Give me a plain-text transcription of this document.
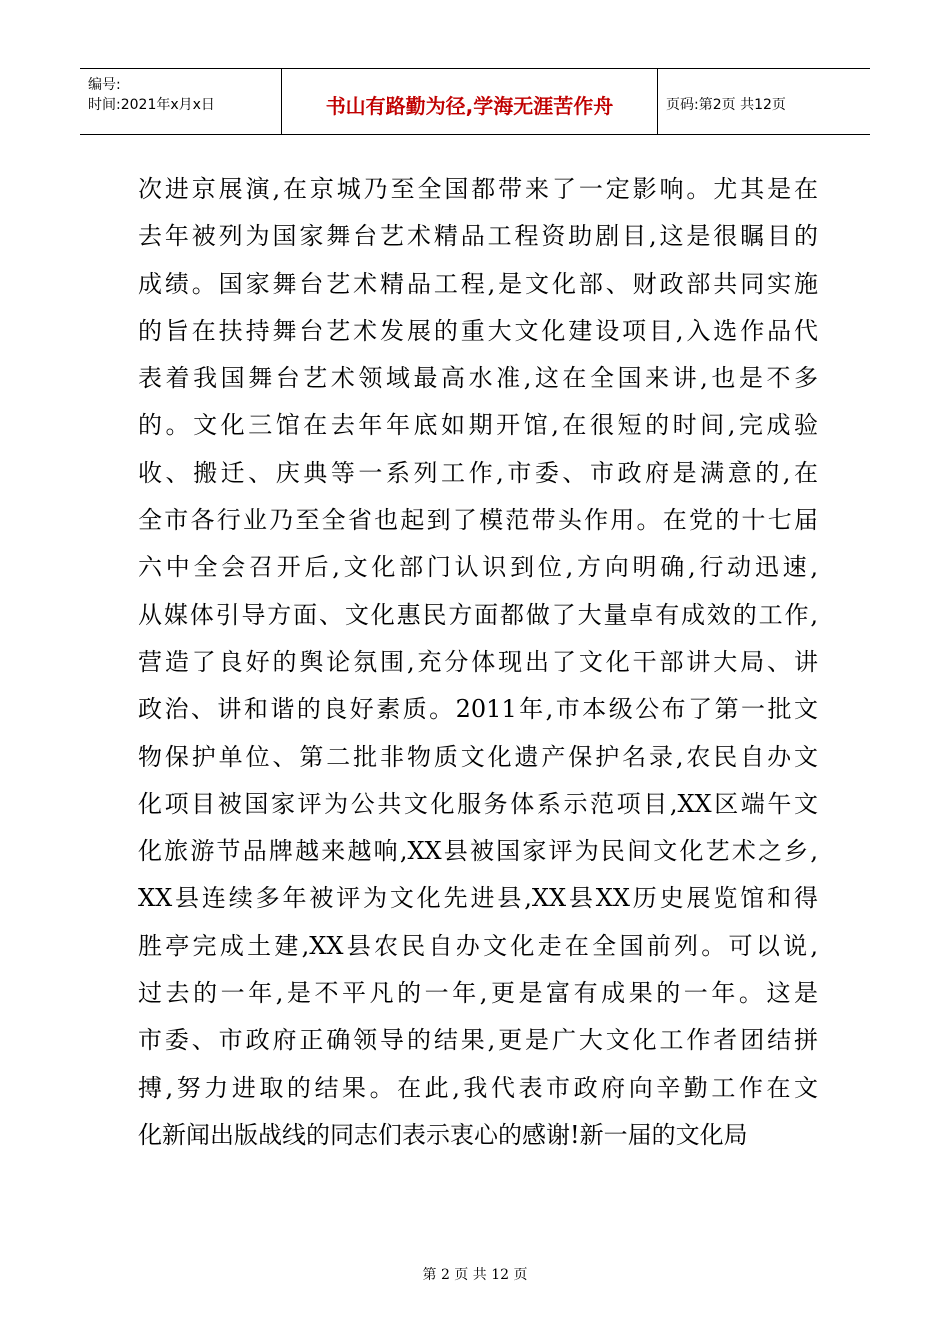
编号:
时间:2021年x月x日	书山有路勤为径,学海无涯苦作舟	页码:第2页 共12页
次进京展演,在京城乃至全国都带来了一定影响。尤其是在
去年被列为国家舞台艺术精品工程资助剧目,这是很瞩目的
成绩。国家舞台艺术精品工程,是文化部、财政部共同实施
的旨在扶持舞台艺术发展的重大文化建设项目,入选作品代
表着我国舞台艺术领域最高水准,这在全国来讲,也是不多
的。文化三馆在去年年底如期开馆,在很短的时间,完成验
收、搬迁、庆典等一系列工作,市委、市政府是满意的,在
全市各行业乃至全省也起到了模范带头作用。在党的十七届
六中全会召开后,文化部门认识到位,方向明确,行动迅速,
从媒体引导方面、文化惠民方面都做了大量卓有成效的工作,
营造了良好的舆论氛围,充分体现出了文化干部讲大局、讲
政治、讲和谐的良好素质。2011年,市本级公布了第一批文
物保护单位、第二批非物质文化遗产保护名录,农民自办文
化项目被国家评为公共文化服务体系示范项目,XX区端午文
化旅游节品牌越来越响,XX县被国家评为民间文化艺术之乡,
XX县连续多年被评为文化先进县,XX县XX历史展览馆和得
胜亭完成土建,XX县农民自办文化走在全国前列。可以说,
过去的一年,是不平凡的一年,更是富有成果的一年。这是
市委、市政府正确领导的结果,更是广大文化工作者团结拼
搏,努力进取的结果。在此,我代表市政府向辛勤工作在文
化新闻出版战线的同志们表示衷心的感谢!新一届的文化局
第 2 页 共 12 页
